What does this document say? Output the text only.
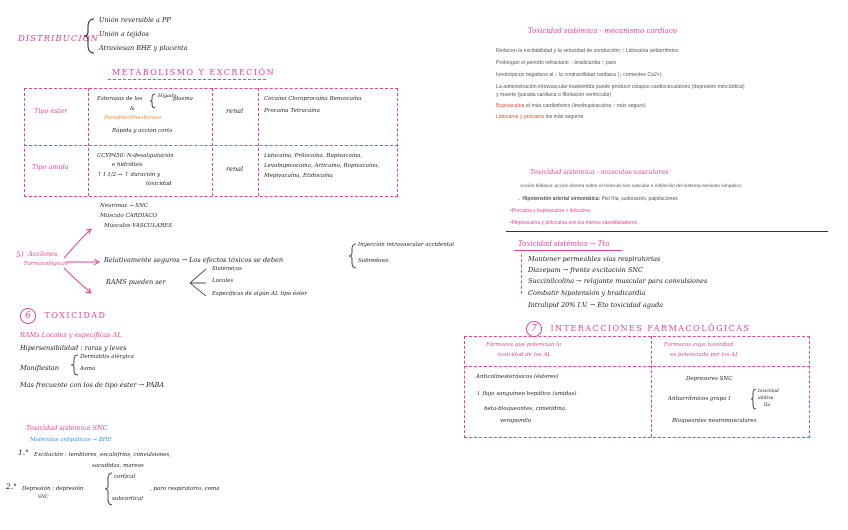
DISTRIBUCIÓN
Unión reversible a PP
Unión a tejidos
Atraviesan BHE y placenta
METABOLISMO Y EXCRECIÓN
Tipo éster
Esterasas de los	Hígado
plasma
&
Pseudocolinesterasa
Rápida y acción corta
renal
Cocaína Cloroprocaína Benzocaína
Procaína Tetracaína
Tipo amida
CCYP450: N-desalquilación
e hidrólisis
↑ t 1/2 → ↑ duración y
toxicidad
renal
Lidocaína, Prilocaína, Bupivacaína,
Levobupivacaína, Articaína, Ropivacaína,
Mepivacaína, Etidocaína
5) Acciones
Farmacológicas
Neuronas → SNC
Músculo CARDIACO
Músculos VASCULARES
Relativamente seguros → Los efectos tóxicos se deben
Inyección intravascular accidental
Sobredosis
RAMS pueden ser
Sistémicas
Locales
Específicas de algún AL tipo éster
6 TOXICIDAD
RAMs Locales y específicas AL
Hipersensibilidad : raras y leves
Manifiestan
Dermatitis alérgica
Asma
Más frecuente con los de tipo éster → PABA
Toxicidad sistémica SNC
Moléculas anfipáticas → BHE
1.° Excitación : temblores, escalofríos, convulsiones,
sacudidas, mareos
2.° Depresión : depresión
SNC
cortical
subcortical
, paro respiratorio, coma
Toxicidad sistémica - mecanismo cardiaco
Reducen la excitabilidad y la velocidad de conducción :: Lidocaína antiarrítmico
Prolongan el periodo refractario :: bradicardia :: paro
Ionotrópicos negativos al ↓ la contractilidad cardiaca (↓ corrientes Ca2+)
La administración intravascular inadvertida puede producir colapso cardiocirculatorio (depresión miocárdica)
y muerte (parada cardiaca o fibrilación ventricular)
Bupivacaína el más cardiotóxico (levobupivacaína :: más seguro)
Lidocaína y procaína los más seguros
Toxicidad sistémica - músculos vasculares
Acción bifásica: acción directa sobre el músculo liso vascular e inhibición del sistema nervioso simpático
→ Hipotensión arterial sintomática: Piel fría, sudoración, palpitaciones
• Procaína y bupivacaína > lidocaína
• Mepivacaína y prilocaína son los menos vasodilatadores
Toxicidad sistémica → Tto
Mantener permeables vías respiratorias
Diazepam → frente excitación SNC
Succinilcolina → relajante muscular para convulsiones
Combatir hipotensión y bradicardia
Intralipid 20% I.V. → Eto toxicidad aguda
7 INTERACCIONES FARMACOLÓGICAS
Fármacos que potencian la
toxicidad de los AL
Fármacos cuya toxicidad
es potenciada por los AL
Anticolinesterásicos (ésteres)
↓ flujo sanguíneo hepático (amidas)
beta-bloqueantes, cimetidina,
verapamilo
Depresores SNC
Antiarrítmicos grupo I
toxicidad
aditiva
IIa
Bloqueantes neuromusculares
